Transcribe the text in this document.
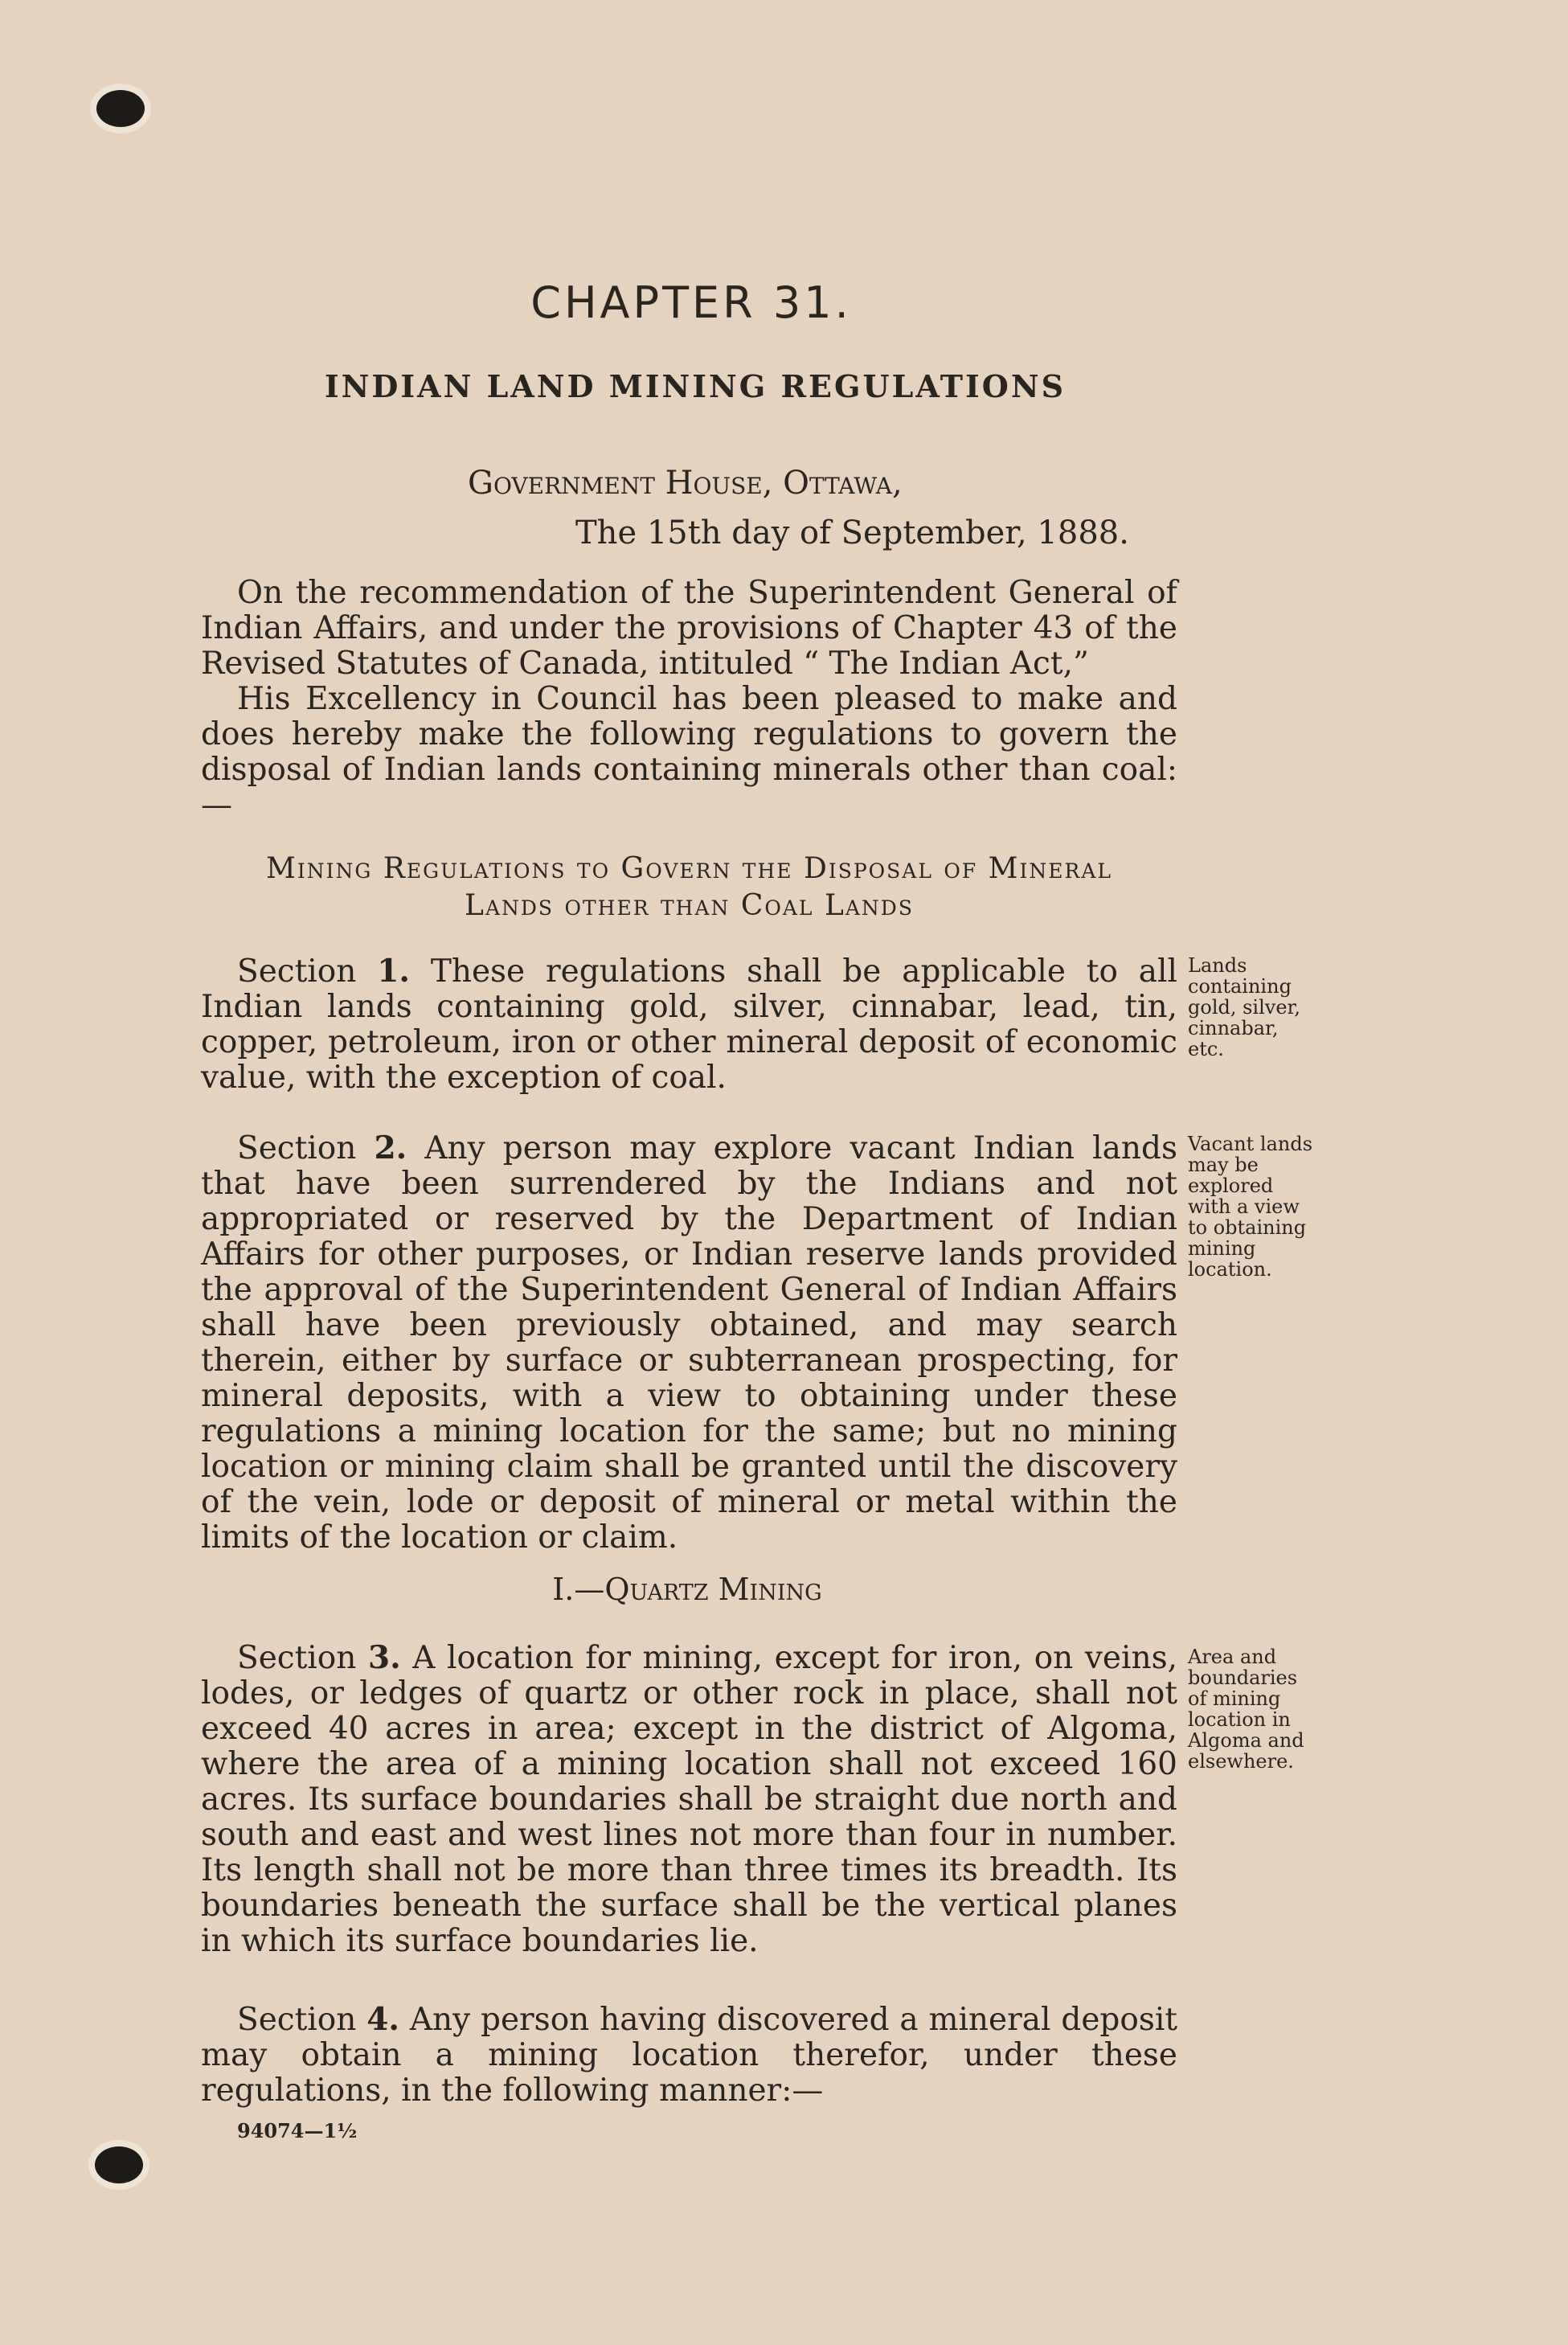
CHAPTER 31.
INDIAN LAND MINING REGULATIONS
Government House, Ottawa,
The 15th day of September, 1888.

On the recommendation of the Superintendent General of Indian Affairs, and under the provisions of Chapter 43 of the Revised Statutes of Canada, intituled “ The Indian Act,”

His Excellency in Council has been pleased to make and does hereby make the following regulations to govern the disposal of Indian lands containing minerals other than coal:—

Mining Regulations to Govern the Disposal of Mineral
Lands other than Coal Lands

Section 1. These regulations shall be applicable to all Indian lands containing gold, silver, cinnabar, lead, tin, copper, petroleum, iron or other mineral deposit of economic value, with the exception of coal.

Lands containing gold, silver, cinnabar, etc.

Section 2. Any person may explore vacant Indian lands that have been surrendered by the Indians and not appropriated or reserved by the Department of Indian Affairs for other purposes, or Indian reserve lands provided the approval of the Superintendent General of Indian Affairs shall have been previously obtained, and may search therein, either by surface or subterranean prospecting, for mineral deposits, with a view to obtaining under these regulations a mining location for the same; but no mining location or mining claim shall be granted until the discovery of the vein, lode or deposit of mineral or metal within the limits of the location or claim.

Vacant lands may be explored with a view to obtaining mining location.

I.—Quartz Mining

Section 3. A location for mining, except for iron, on veins, lodes, or ledges of quartz or other rock in place, shall not exceed 40 acres in area; except in the district of Algoma, where the area of a mining location shall not exceed 160 acres. Its surface boundaries shall be straight due north and south and east and west lines not more than four in number. Its length shall not be more than three times its breadth. Its boundaries beneath the surface shall be the vertical planes in which its surface boundaries lie.

Area and boundaries of mining location in Algoma and elsewhere.

Section 4. Any person having discovered a mineral deposit may obtain a mining location therefor, under these regulations, in the following manner:—

94074—1½
